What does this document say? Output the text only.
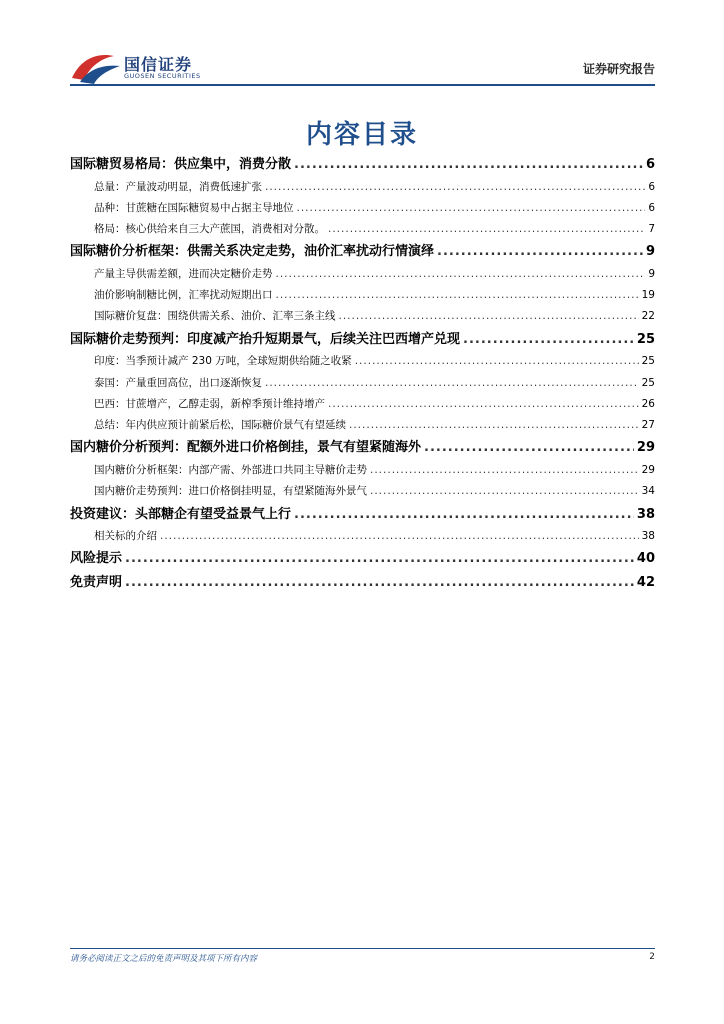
国信证券
GUOSEN SECURITIES	证券研究报告
内容目录
国际糖贸易格局：供应集中，消费分散 .....	6
总量：产量波动明显，消费低速扩张 .....	6
品种：甘蔗糖在国际糖贸易中占据主导地位 .....	6
格局：核心供给来自三大产蔗国，消费相对分散。 .....	7
国际糖价分析框架：供需关系决定走势，油价汇率扰动行情演绎 .....	9
产量主导供需差额，进而决定糖价走势 .....	9
油价影响制糖比例，汇率扰动短期出口 .....	19
国际糖价复盘：围绕供需关系、油价、汇率三条主线 .....	22
国际糖价走势预判：印度减产抬升短期景气，后续关注巴西增产兑现 .....	25
印度：当季预计减产 230 万吨，全球短期供给随之收紧 .....	25
泰国：产量重回高位，出口逐渐恢复 .....	25
巴西：甘蔗增产，乙醇走弱，新榨季预计维持增产 .....	26
总结：年内供应预计前紧后松，国际糖价景气有望延续 .....	27
国内糖价分析预判：配额外进口价格倒挂，景气有望紧随海外 .....	29
国内糖价分析框架：内部产需、外部进口共同主导糖价走势 .....	29
国内糖价走势预判：进口价格倒挂明显，有望紧随海外景气 .....	34
投资建议：头部糖企有望受益景气上行 .....	38
相关标的介绍 .....	38
风险提示 .....	40
免责声明 .....	42
请务必阅读正文之后的免责声明及其项下所有内容	2
